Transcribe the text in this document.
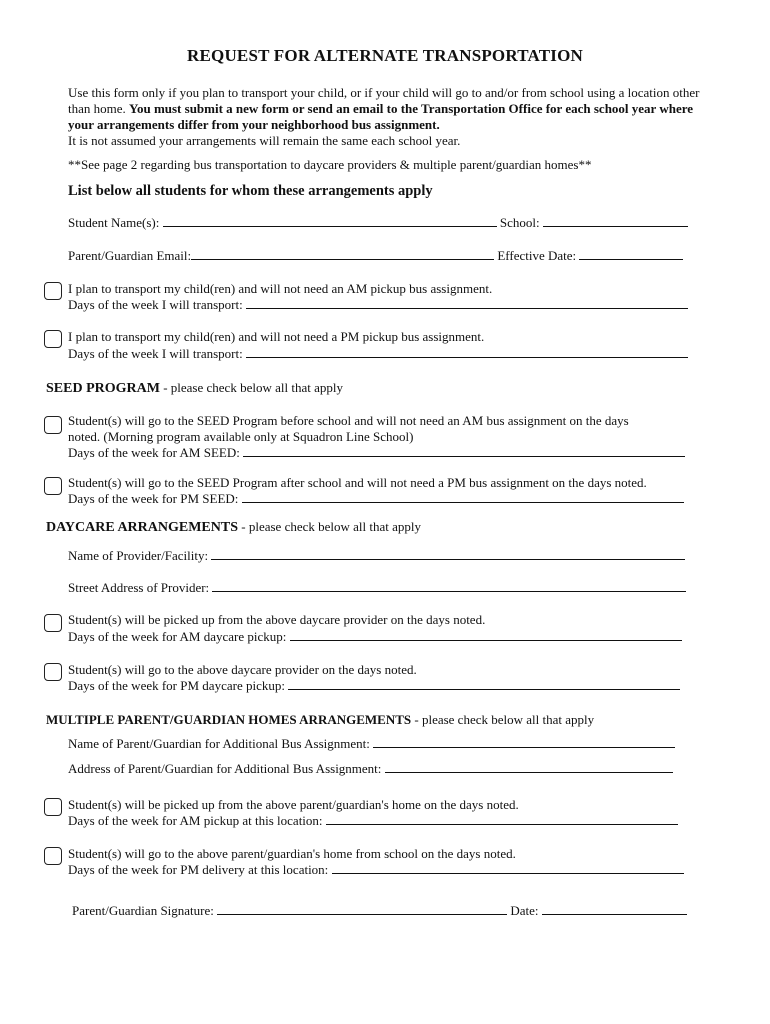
REQUEST FOR ALTERNATE TRANSPORTATION
Use this form only if you plan to transport your child, or if your child will go to and/or from school using a location other than home. You must submit a new form or send an email to the Transportation Office for each school year where your arrangements differ from your neighborhood bus assignment.
It is not assumed your arrangements will remain the same each school year.
**See page 2 regarding bus transportation to daycare providers & multiple parent/guardian homes**
List below all students for whom these arrangements apply
Student Name(s):	School:
Parent/Guardian Email:	Effective Date:
I plan to transport my child(ren) and will not need an AM pickup bus assignment.
Days of the week I will transport:
I plan to transport my child(ren) and will not need a PM pickup bus assignment.
Days of the week I will transport:
SEED PROGRAM - please check below all that apply
Student(s) will go to the SEED Program before school and will not need an AM bus assignment on the days
noted. (Morning program available only at Squadron Line School)
Days of the week for AM SEED:
Student(s) will go to the SEED Program after school and will not need a PM bus assignment on the days noted.
Days of the week for PM SEED:
DAYCARE ARRANGEMENTS - please check below all that apply
Name of Provider/Facility:
Street Address of Provider:
Student(s) will be picked up from the above daycare provider on the days noted.
Days of the week for AM daycare pickup:
Student(s) will go to the above daycare provider on the days noted.
Days of the week for PM daycare pickup:
MULTIPLE PARENT/GUARDIAN HOMES ARRANGEMENTS - please check below all that apply
Name of Parent/Guardian for Additional Bus Assignment:
Address of Parent/Guardian for Additional Bus Assignment:
Student(s) will be picked up from the above parent/guardian's home on the days noted.
Days of the week for AM pickup at this location:
Student(s) will go to the above parent/guardian's home from school on the days noted.
Days of the week for PM delivery at this location:
Parent/Guardian Signature:	Date:
